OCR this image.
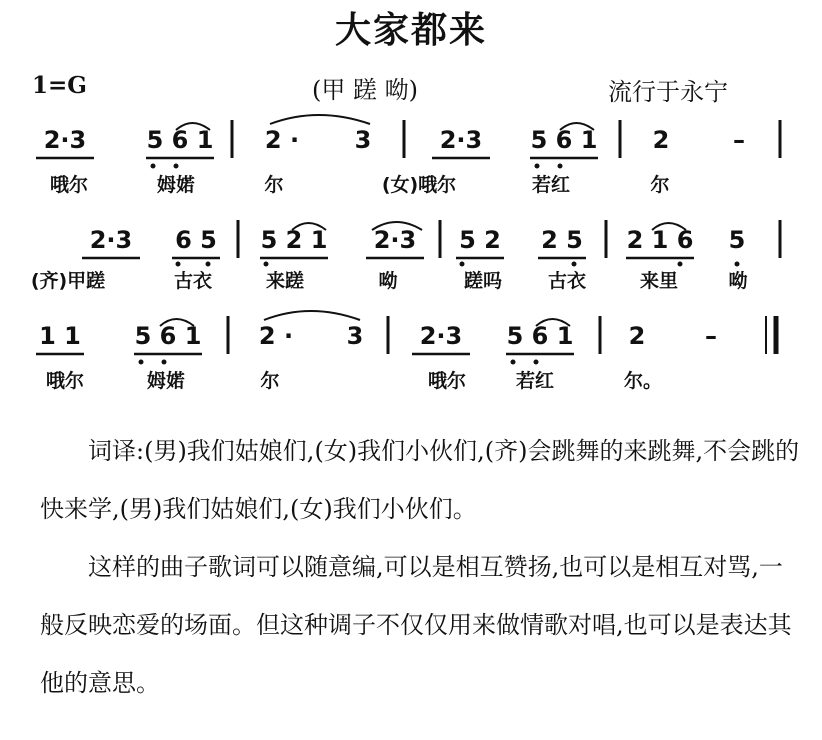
大家都来
1=G	(甲 蹉 呦)	流行于永宁
2·3	5 6 1	2 ·	3	2·3	5 6 1 2	–
哦尔	姆婼	尔	(女)哦尔	若红	尔
2·3	6 5	5 2 1	2·3	5 2	2 5	2 1 6 5
(齐)甲蹉	古衣	来蹉	呦	蹉吗	古衣	来里	呦
1 1	5 6 1	2 ·	3	2·3	5 6 1 2	–
哦尔	姆婼	尔	哦尔	若红	尔。
词译:(男)我们姑娘们,(女)我们小伙们,(齐)会跳舞的来跳舞,不会跳的快来学,(男)我们姑娘们,(女)我们小伙们。
这样的曲子歌词可以随意编,可以是相互赞扬,也可以是相互对骂,一般反映恋爱的场面。但这种调子不仅仅用来做情歌对唱,也可以是表达其他的意思。
